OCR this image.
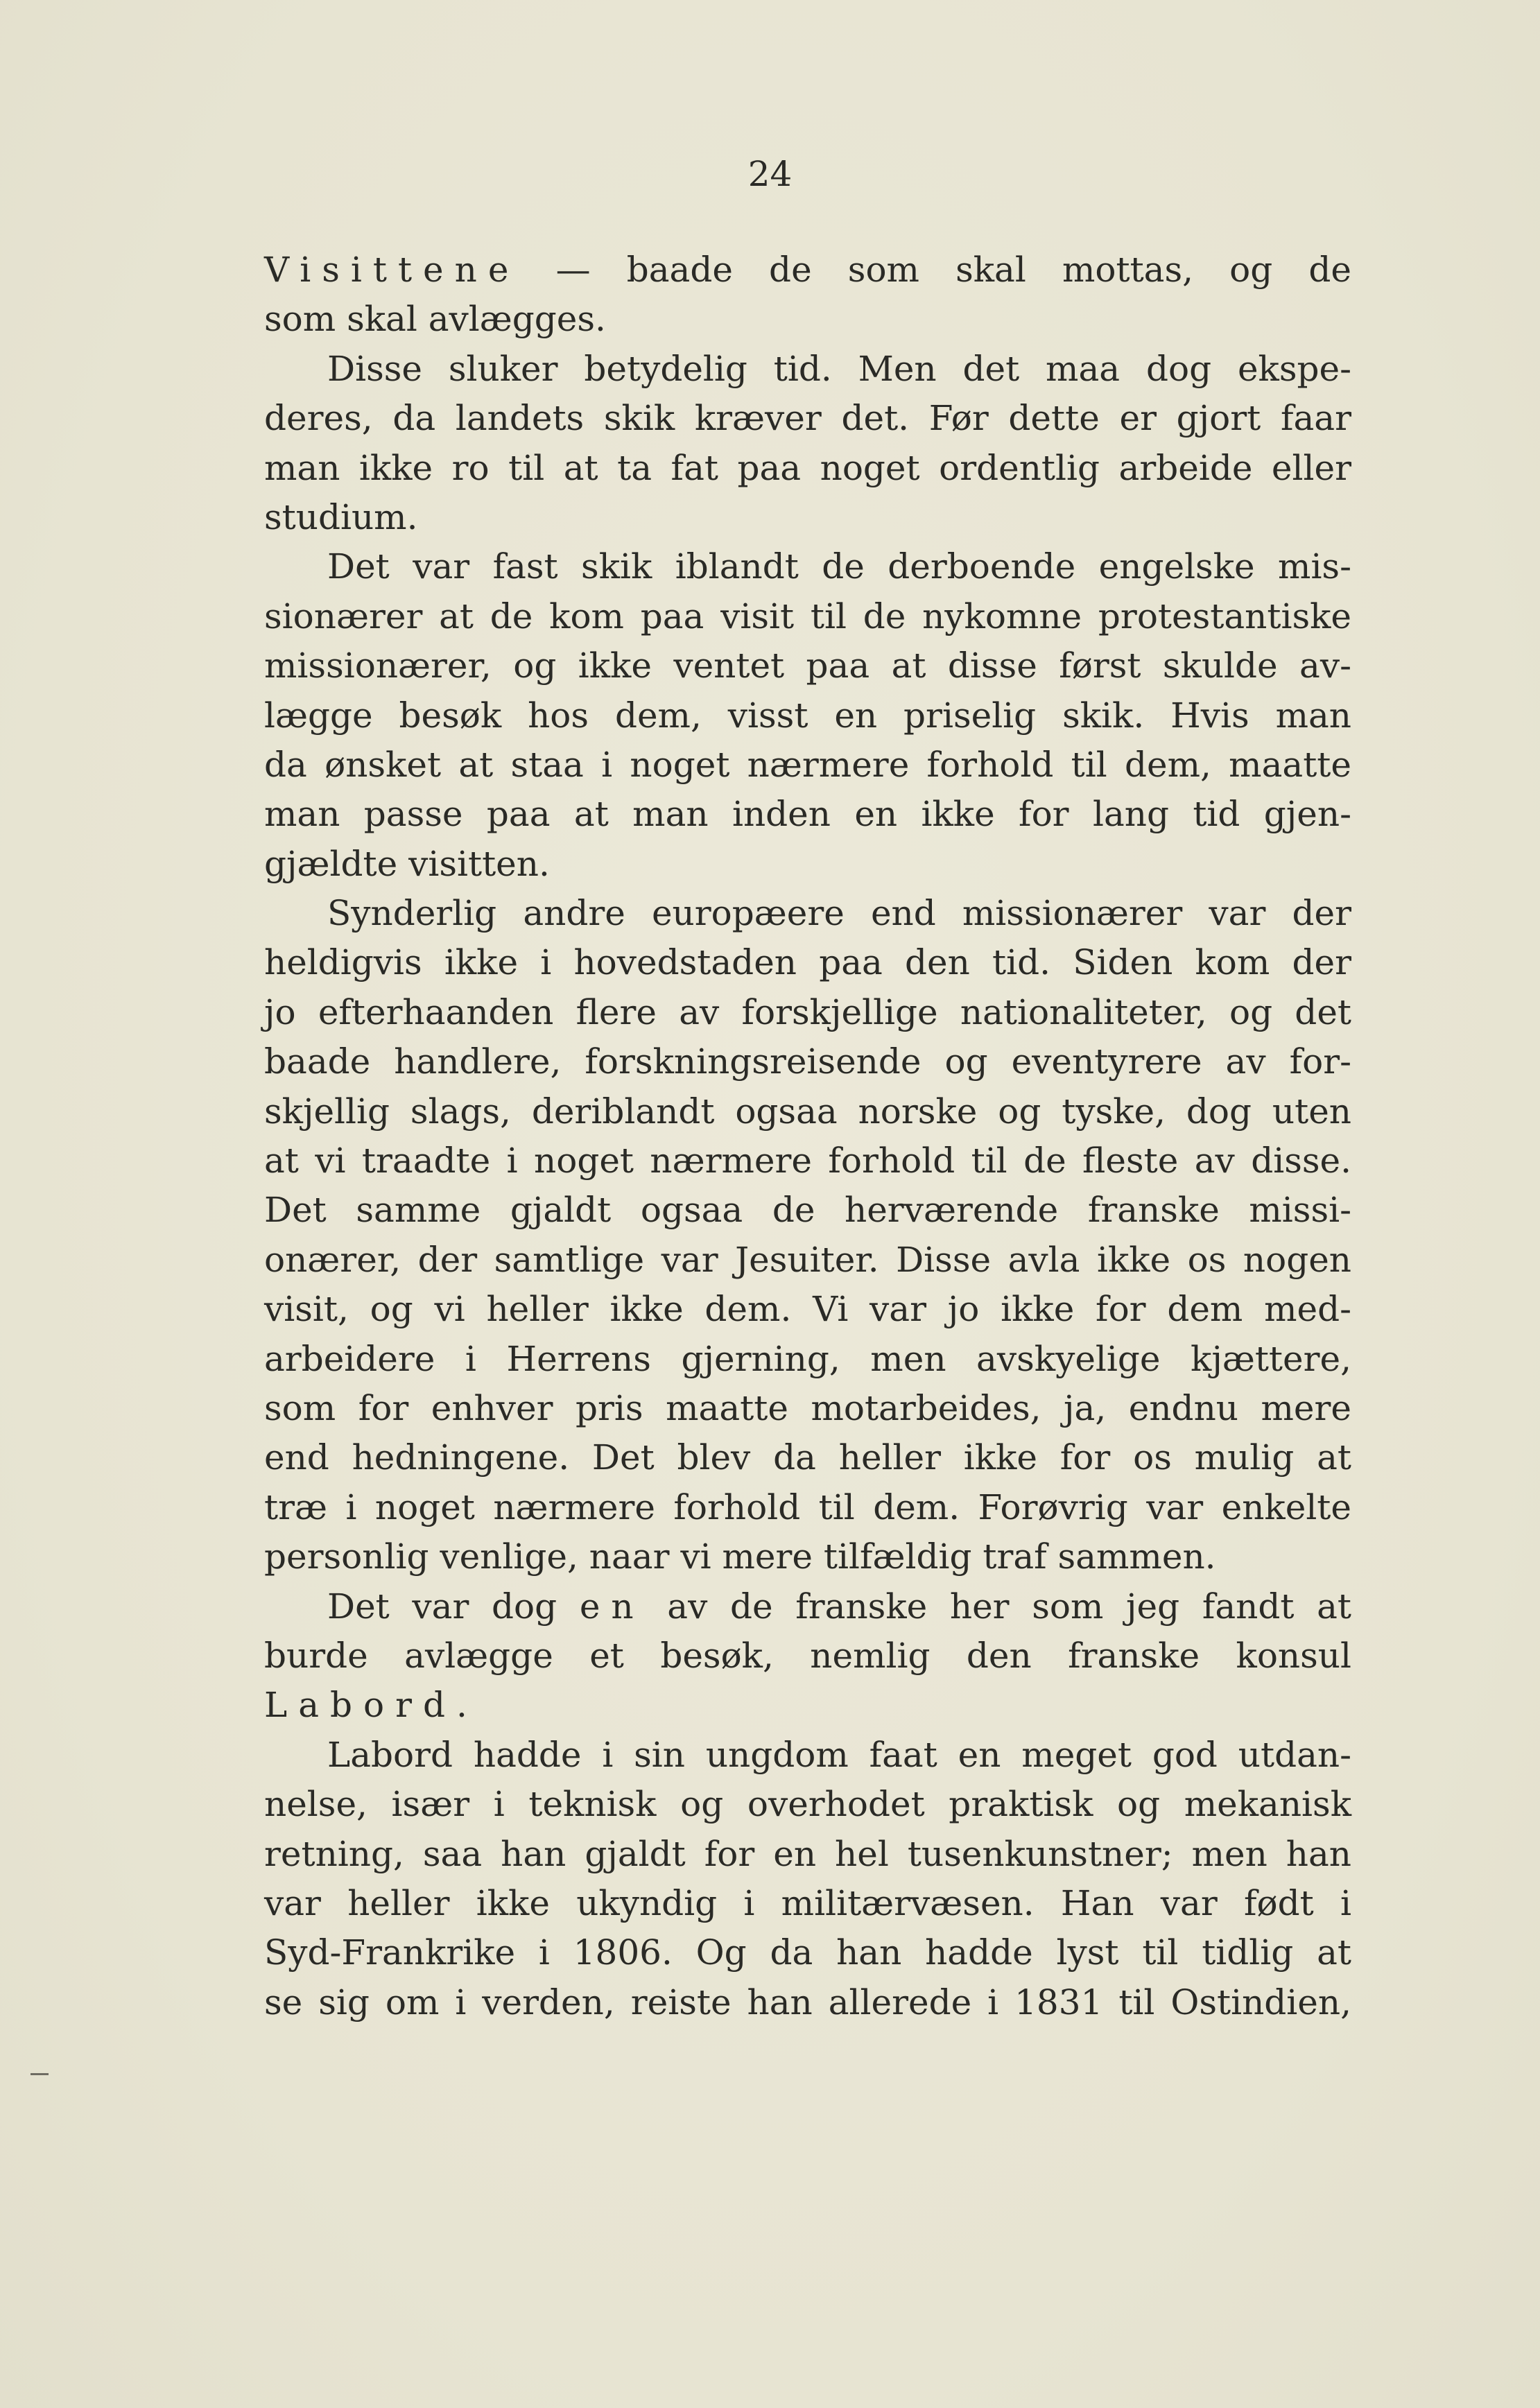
24
Visittene — baade de som skal mottas, og de
som skal avlægges.
Disse sluker betydelig tid. Men det maa dog ekspe-
deres, da landets skik kræver det. Før dette er gjort faar
man ikke ro til at ta fat paa noget ordentlig arbeide eller
studium.
Det var fast skik iblandt de derboende engelske mis-
sionærer at de kom paa visit til de nykomne protestantiske
missionærer, og ikke ventet paa at disse først skulde av-
lægge besøk hos dem, visst en priselig skik. Hvis man
da ønsket at staa i noget nærmere forhold til dem, maatte
man passe paa at man inden en ikke for lang tid gjen-
gjældte visitten.
Synderlig andre europæere end missionærer var der
heldigvis ikke i hovedstaden paa den tid. Siden kom der
jo efterhaanden flere av forskjellige nationaliteter, og det
baade handlere, forskningsreisende og eventyrere av for-
skjellig slags, deriblandt ogsaa norske og tyske, dog uten
at vi traadte i noget nærmere forhold til de fleste av disse.
Det samme gjaldt ogsaa de herværende franske missi-
onærer, der samtlige var Jesuiter. Disse avla ikke os nogen
visit, og vi heller ikke dem. Vi var jo ikke for dem med-
arbeidere i Herrens gjerning, men avskyelige kjættere,
som for enhver pris maatte motarbeides, ja, endnu mere
end hedningene. Det blev da heller ikke for os mulig at
træ i noget nærmere forhold til dem. Forøvrig var enkelte
personlig venlige, naar vi mere tilfældig traf sammen.
Det var dog en av de franske her som jeg fandt at
burde avlægge et besøk, nemlig den franske konsul
Labord.
Labord hadde i sin ungdom faat en meget god utdan-
nelse, især i teknisk og overhodet praktisk og mekanisk
retning, saa han gjaldt for en hel tusenkunstner; men han
var heller ikke ukyndig i militærvæsen. Han var født i
Syd-Frankrike i 1806. Og da han hadde lyst til tidlig at
se sig om i verden, reiste han allerede i 1831 til Ostindien,
